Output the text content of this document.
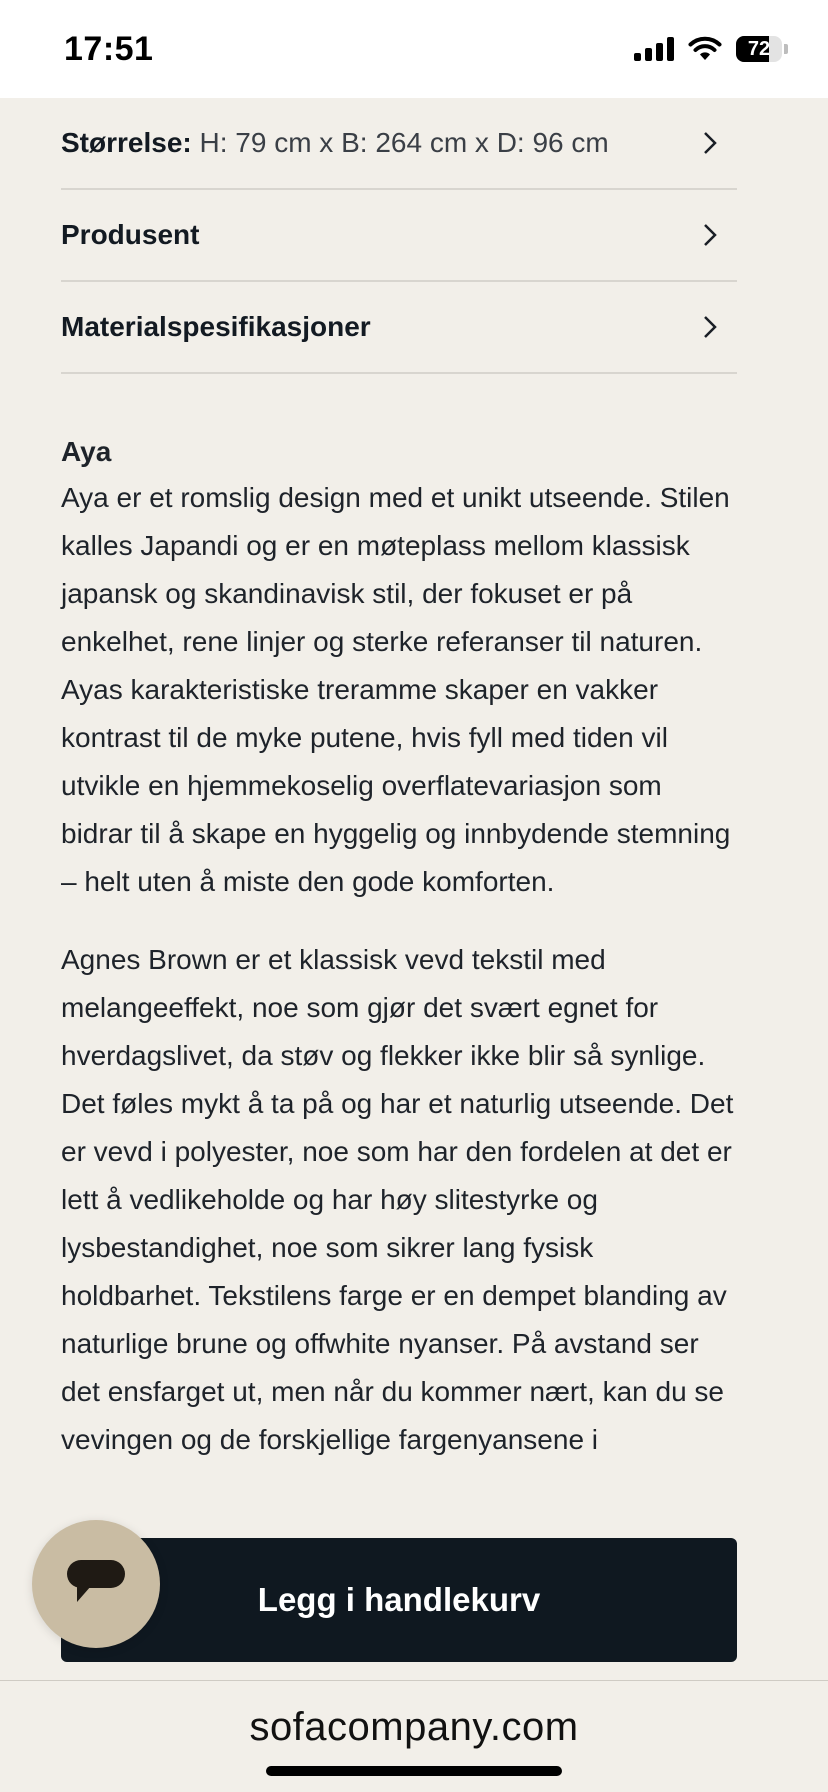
17:51	72
Størrelse: H: 79 cm x B: 264 cm x D: 96 cm
Produsent
Materialspesifikasjoner
Aya

Aya er et romslig design med et unikt utseende. Stilen kalles Japandi og er en møteplass mellom klassisk japansk og skandinavisk stil, der fokuset er på enkelhet, rene linjer og sterke referanser til naturen. Ayas karakteristiske treramme skaper en vakker kontrast til de myke putene, hvis fyll med tiden vil utvikle en hjemmekoselig overflatevariasjon som bidrar til å skape en hyggelig og innbydende stemning – helt uten å miste den gode komforten.

Agnes Brown er et klassisk vevd tekstil med melangeeffekt, noe som gjør det svært egnet for hverdagslivet, da støv og flekker ikke blir så synlige. Det føles mykt å ta på og har et naturlig utseende. Det er vevd i polyester, noe som har den fordelen at det er lett å vedlikeholde og har høy slitestyrke og lysbestandighet, noe som sikrer lang fysisk holdbarhet. Tekstilens farge er en dempet blanding av naturlige brune og offwhite nyanser. På avstand ser det ensfarget ut, men når du kommer nært, kan du se vevingen og de forskjellige fargenyansene i

Legg i handlekurv
sofacompany.com
